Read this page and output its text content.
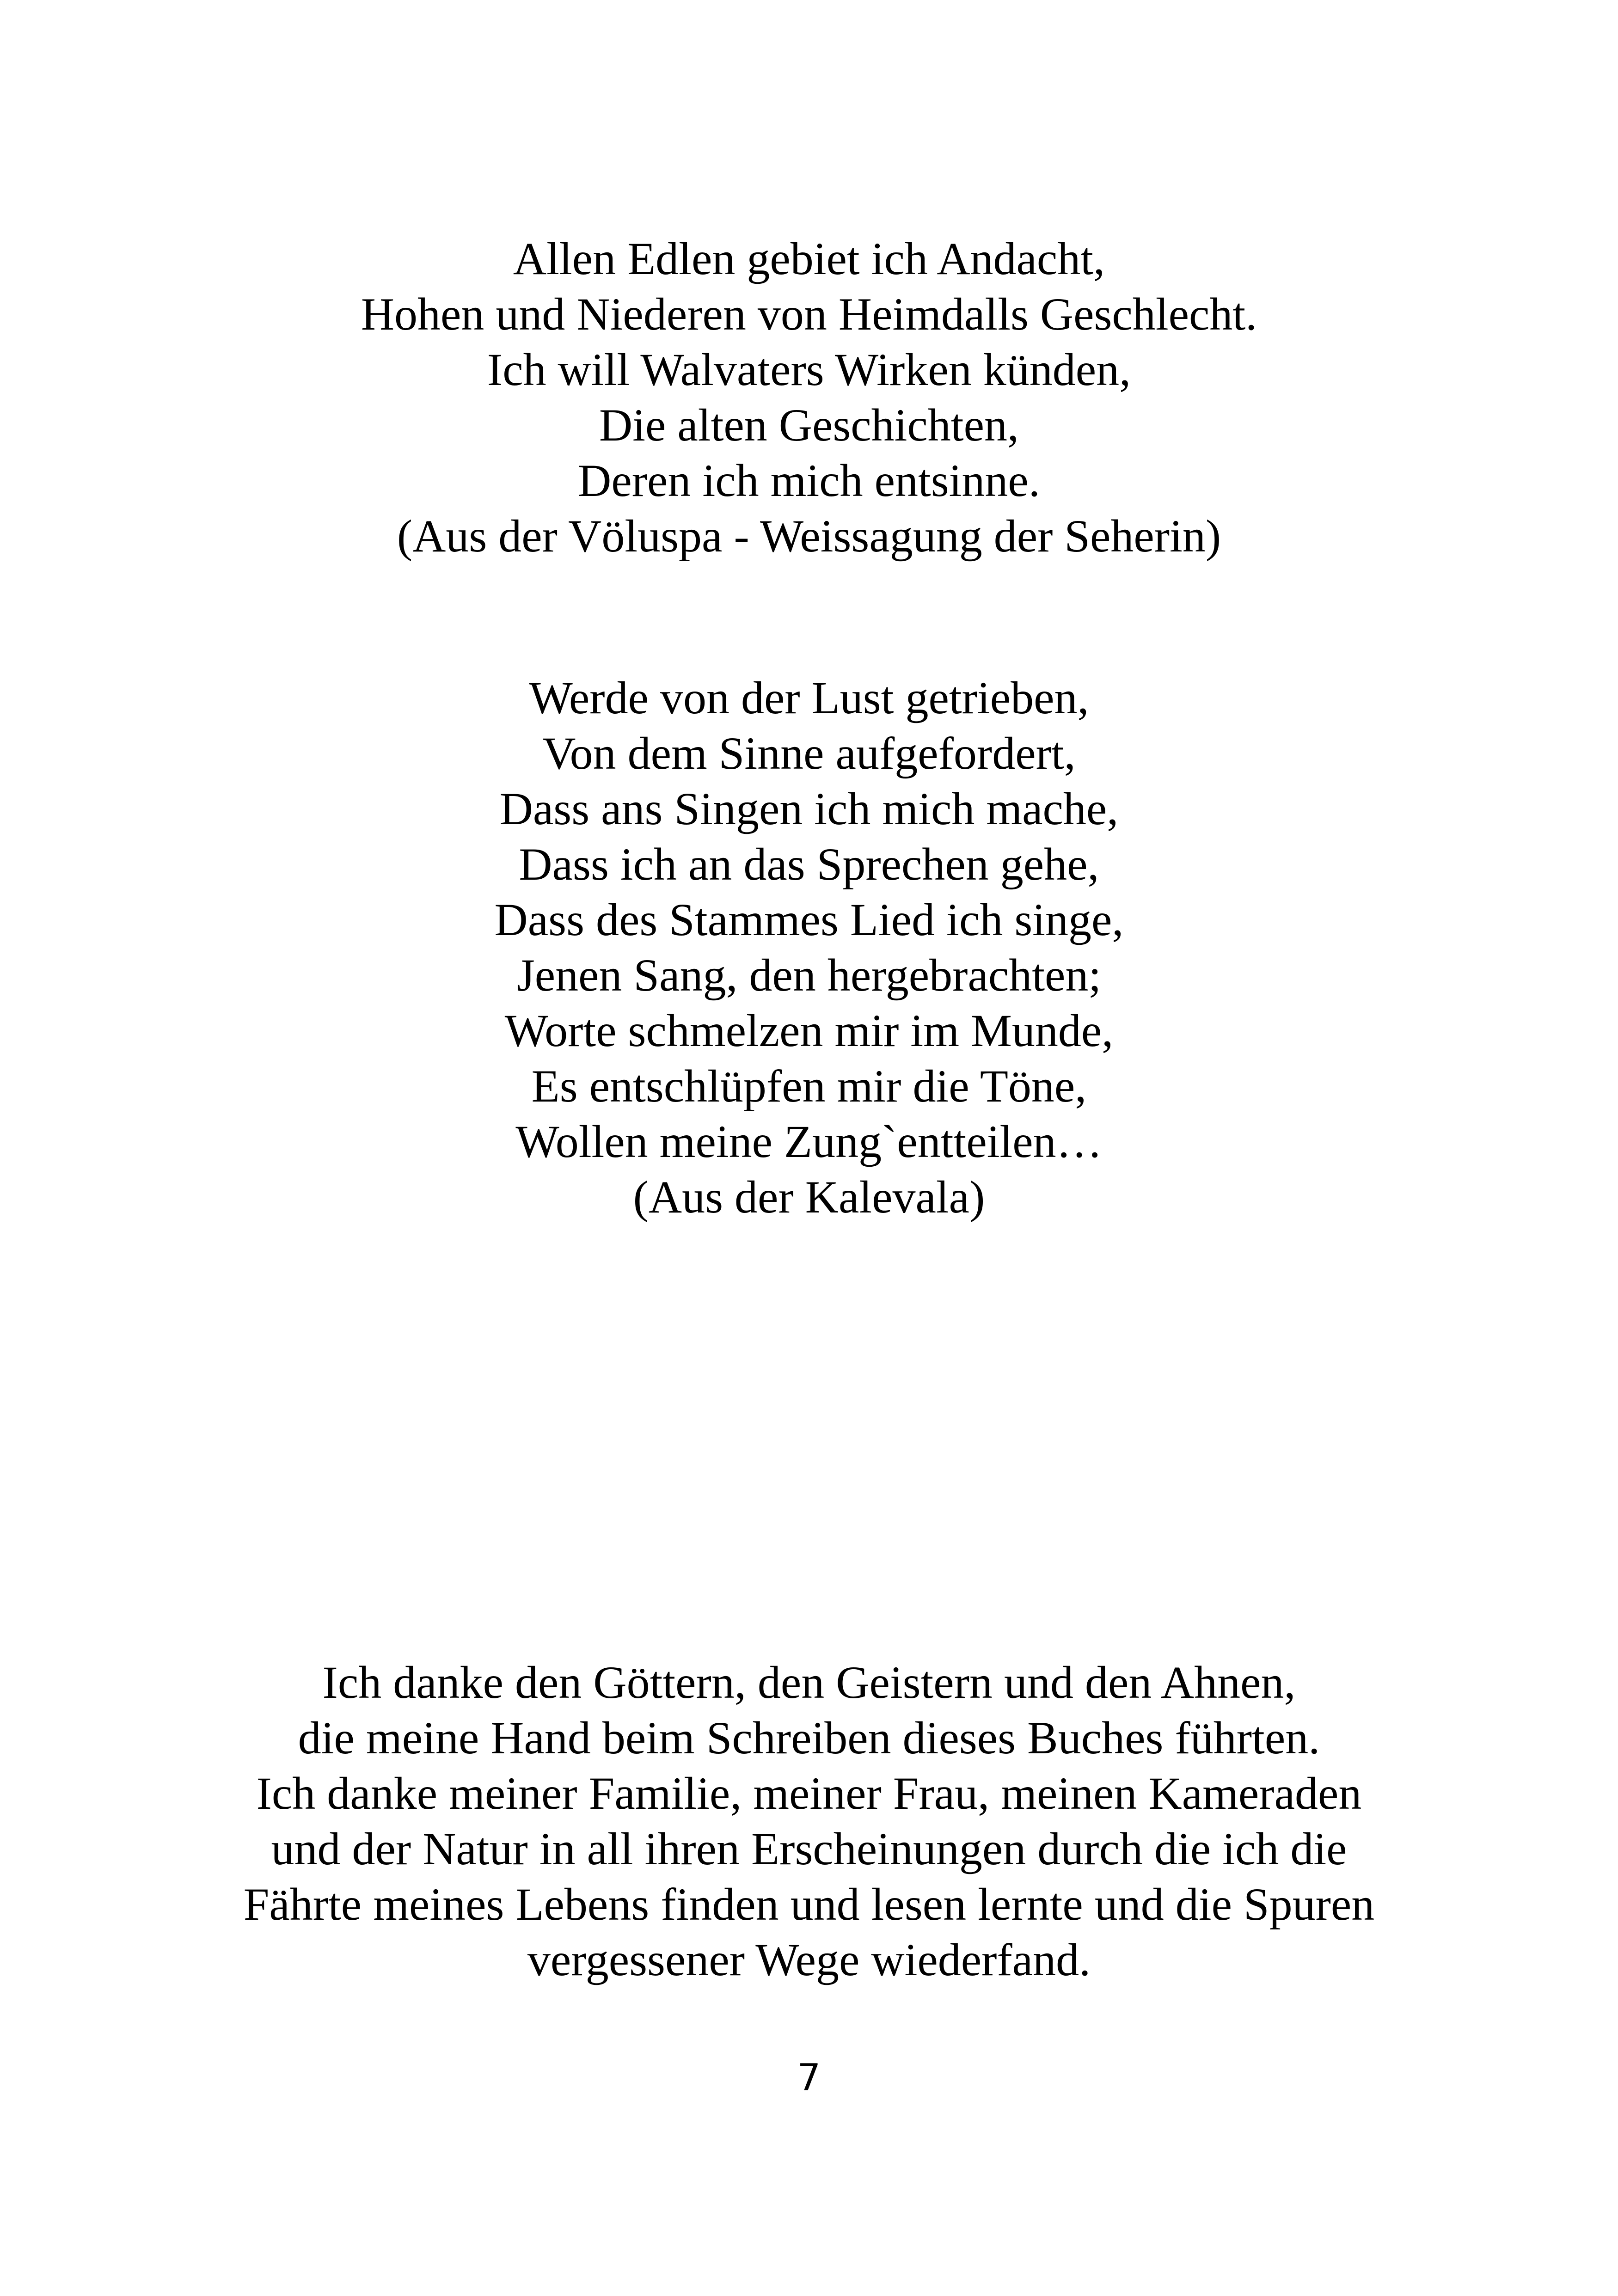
Allen Edlen gebiet ich Andacht,
Hohen und Niederen von Heimdalls Geschlecht.
Ich will Walvaters Wirken künden,
Die alten Geschichten,
Deren ich mich entsinne.
(Aus der Völuspa - Weissagung der Seherin)
Werde von der Lust getrieben,
Von dem Sinne aufgefordert,
Dass ans Singen ich mich mache,
Dass ich an das Sprechen gehe,
Dass des Stammes Lied ich singe,
Jenen Sang, den hergebrachten;
Worte schmelzen mir im Munde,
Es entschlüpfen mir die Töne,
Wollen meine Zung`entteilen…
(Aus der Kalevala)
Ich danke den Göttern, den Geistern und den Ahnen,
die meine Hand beim Schreiben dieses Buches führten.
Ich danke meiner Familie, meiner Frau, meinen Kameraden
und der Natur in all ihren Erscheinungen durch die ich die
Fährte meines Lebens finden und lesen lernte und die Spuren
vergessener Wege wiederfand.
7
